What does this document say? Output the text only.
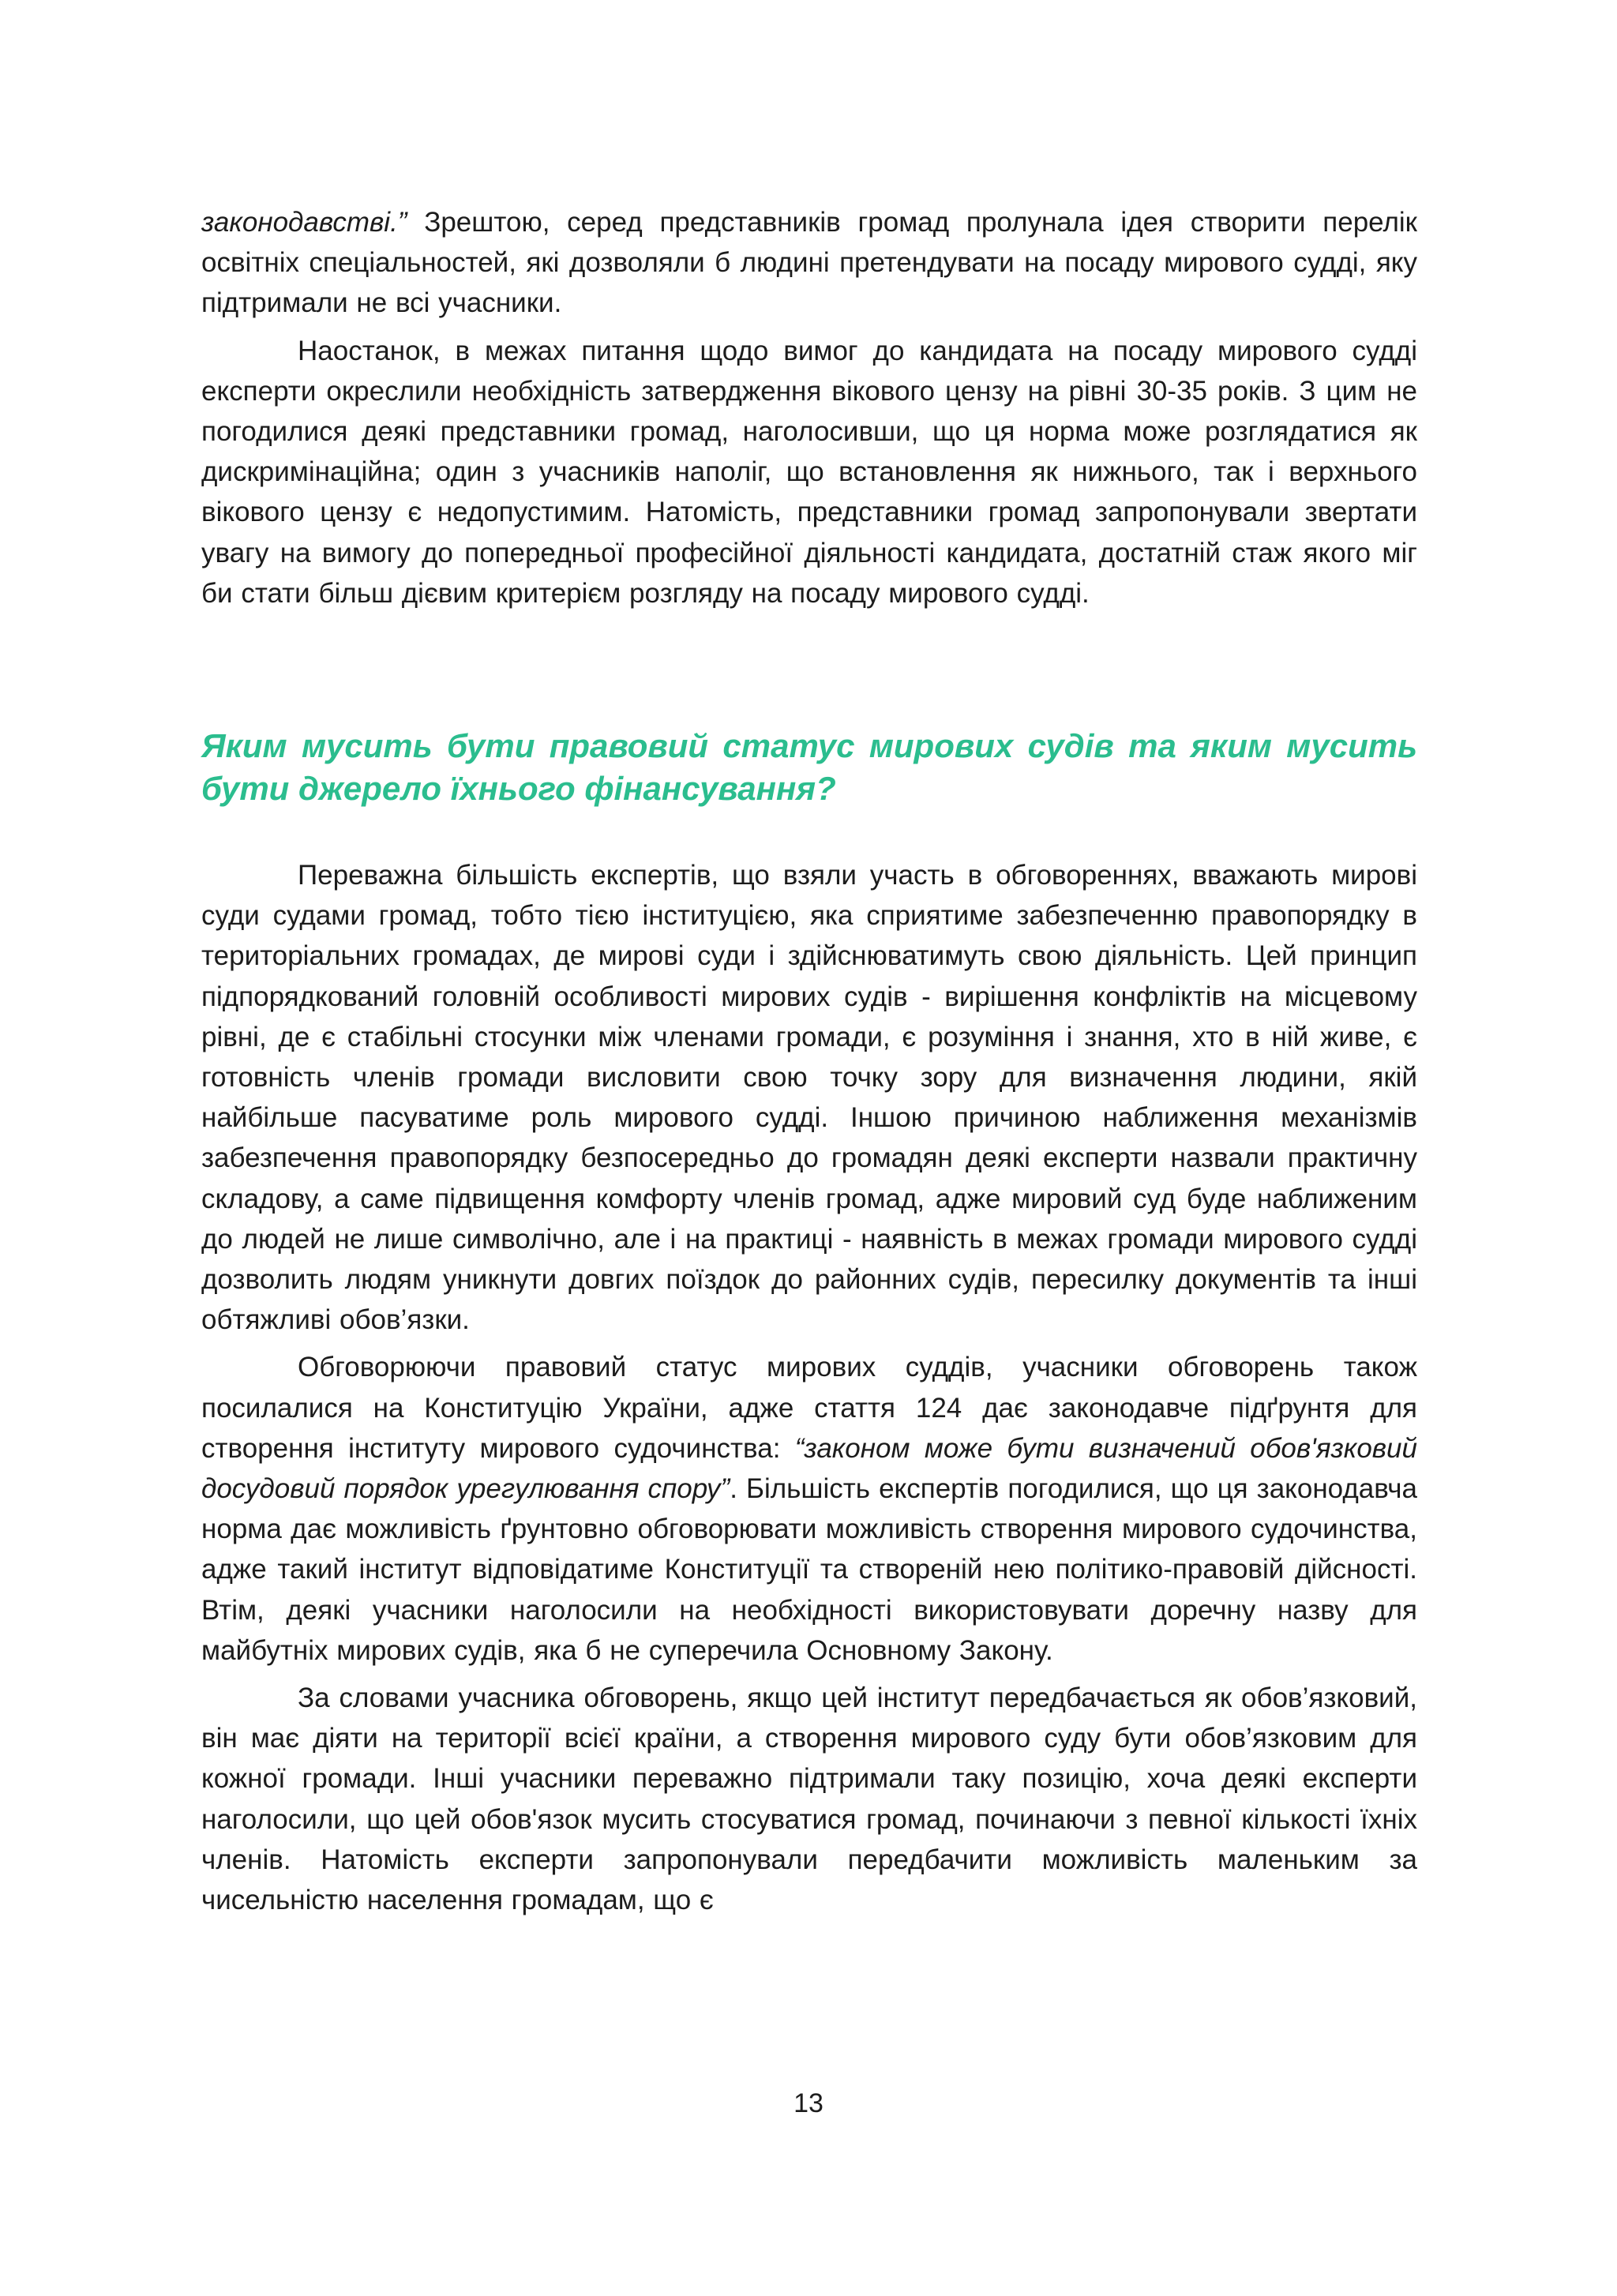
законодавстві.” Зрештою, серед представників громад пролунала ідея створити перелік освітніх спеціальностей, які дозволяли б людині претендувати на посаду мирового судді, яку підтримали не всі учасники.

Наостанок, в межах питання щодо вимог до кандидата на посаду мирового судді експерти окреслили необхідність затвердження вікового цензу на рівні 30-35 років. З цим не погодилися деякі представники громад, наголосивши, що ця норма може розглядатися як дискримінаційна; один з учасників наполіг, що встановлення як нижнього, так і верхнього вікового цензу є недопустимим. Натомість, представники громад запропонували звертати увагу на вимогу до попередньої професійної діяльності кандидата, достатній стаж якого міг би стати більш дієвим критерієм розгляду на посаду мирового судді.

Яким мусить бути правовий статус мирових судів та яким мусить бути джерело їхнього фінансування?

Переважна більшість експертів, що взяли участь в обговореннях, вважають мирові суди судами громад, тобто тією інституцією, яка сприятиме забезпеченню правопорядку в територіальних громадах, де мирові суди і здійснюватимуть свою діяльність. Цей принцип підпорядкований головній особливості мирових судів - вирішення конфліктів на місцевому рівні, де є стабільні стосунки між членами громади, є розуміння і знання, хто в ній живе, є готовність членів громади висловити свою точку зору для визначення людини, якій найбільше пасуватиме роль мирового судді. Іншою причиною наближення механізмів забезпечення правопорядку безпосередньо до громадян деякі експерти назвали практичну складову, а саме підвищення комфорту членів громад, адже мировий суд буде наближеним до людей не лише символічно, але і на практиці - наявність в межах громади мирового судді дозволить людям уникнути довгих поїздок до районних судів, пересилку документів та інші обтяжливі обов’язки.

Обговорюючи правовий статус мирових суддів, учасники обговорень також посилалися на Конституцію України, адже стаття 124 дає законодавче підґрунтя для створення інституту мирового судочинства: “законом може бути визначений обов'язковий досудовий порядок урегулювання спору”. Більшість експертів погодилися, що ця законодавча норма дає можливість ґрунтовно обговорювати можливість створення мирового судочинства, адже такий інститут відповідатиме Конституції та створеній нею політико-правовій дійсності. Втім, деякі учасники наголосили на необхідності використовувати доречну назву для майбутніх мирових судів, яка б не суперечила Основному Закону.

За словами учасника обговорень, якщо цей інститут передбачається як обов’язковий, він має діяти на території всієї країни, а створення мирового суду бути обов’язковим для кожної громади. Інші учасники переважно підтримали таку позицію, хоча деякі експерти наголосили, що цей обов'язок мусить стосуватися громад, починаючи з певної кількості їхніх членів. Натомість експерти запропонували передбачити можливість маленьким за чисельністю населення громадам, що є

13
